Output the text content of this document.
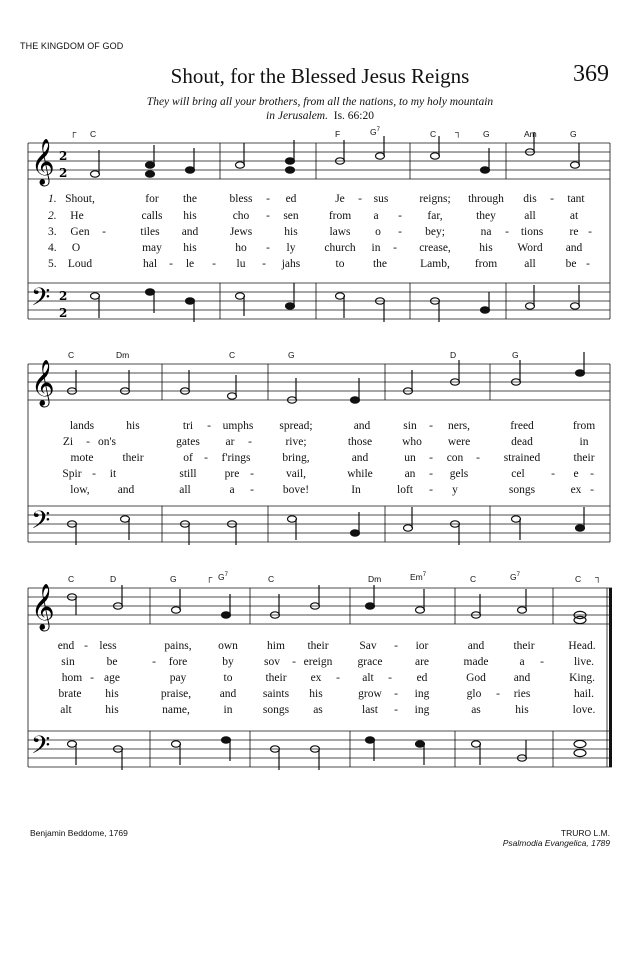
THE KINGDOM OF GOD
Shout, for the Blessed Jesus Reigns	369
They will bring all your brothers, from all the nations, to my holy mountain
in Jerusalem. Is. 66:20
┌ C	F	$G^7$	C ┐	G	Am	G
𝄞
𝄢
2
2
2
2
1.
2.
3.
4.
5.
Shout,	for the	bless - ed	Je - sus	reigns; through dis - tant
He	calls his	cho - sen	from a - far,	they all	at
Gen -	tiles and	Jews	his	laws o - bey;	na - tions re -
O	may his	ho - ly	church in - crease, his Word and
Loud	hal - le - lu - jahs	to the	Lamb, from all	be -
C	Dm	C	G	D	G
𝄞
𝄢
lands	his	tri - umphs spread;	and	sin - ners,	freed	from
Zi - on's	gates ar -	rive;	those	who were	dead	in
mote	their	of - f'rings	bring,	and	un - con - strained	their
Spir - it	still pre -	vail,	while	an - gels	cel - e -
low, and	all	a -	bove!	In	loft - y	songs	ex -
C	D	G	┌ $G^7$	C	Dm	Em$^7$	C	$G^7$	C ┐
𝄞
𝄢
end - less	pains, own	him their	Sav - ior	and	their	Head.
sin	be	- fore	by	sov - ereign grace	are	made	a -	live.
hom - age	pay	to	their ex - alt - ed	God and	King.
brate his	praise, and saints his	grow - ing	glo - ries	hail.
alt	his	name,	in	songs as	last - ing	as	his	love.
Benjamin Beddome, 1769	TRURO L.M.
Psalmodia Evangelica, 1789
